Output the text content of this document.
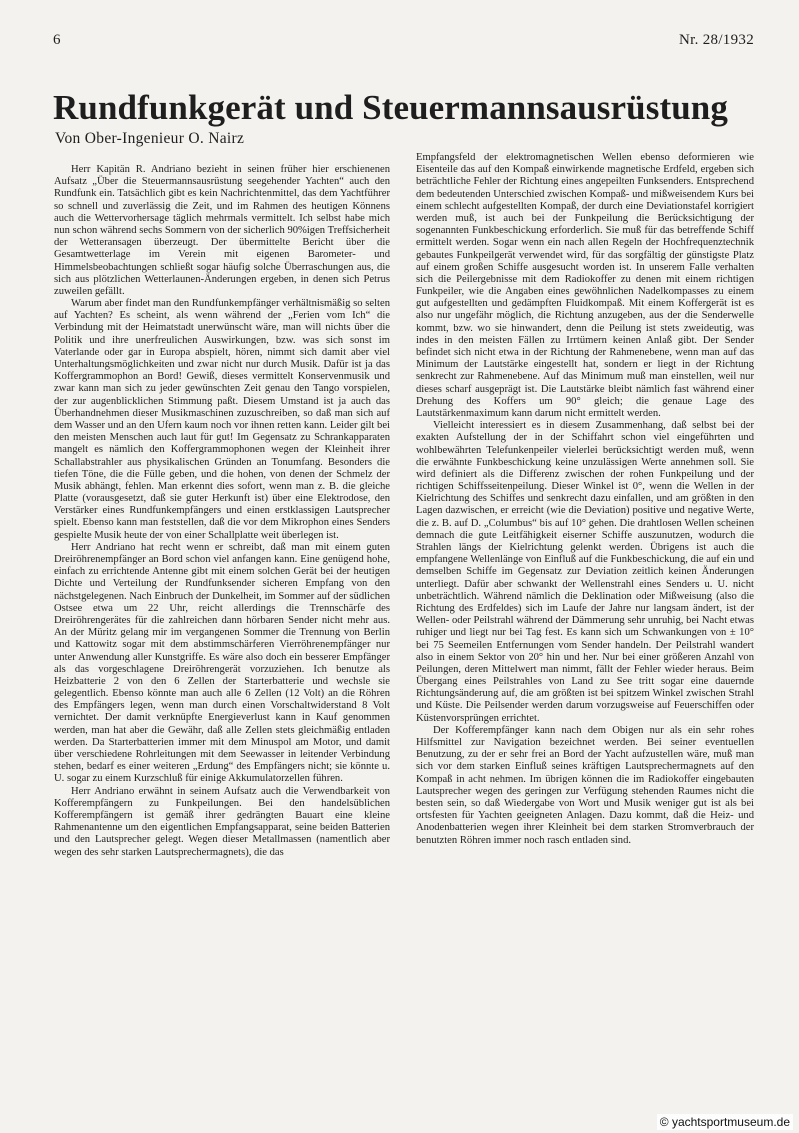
6	Nr. 28/1932
Rundfunkgerät und Steuermannsausrüstung
Von Ober-Ingenieur O. Nairz

Herr Kapitän R. Andriano bezieht in seinen früher hier erschienenen Aufsatz „Über die Steuermannsausrüstung seegehender Yachten“ auch den Rundfunk ein. Tatsächlich gibt es kein Nachrichtenmittel, das dem Yachtführer so schnell und zuverlässig die Zeit, und im Rahmen des heutigen Könnens auch die Wettervorhersage täglich mehrmals vermittelt. Ich selbst habe mich nun schon während sechs Sommern von der sicherlich 90%igen Treffsicherheit der Wetteransagen überzeugt. Der übermittelte Bericht über die Gesamtwetterlage im Verein mit eigenen Barometer- und Himmelsbeobachtungen schließt sogar häufig solche Überraschungen aus, die sich aus plötzlichen Wetterlaunen-Änderungen ergeben, in denen sich Petrus zuweilen gefällt.

Warum aber findet man den Rundfunkempfänger verhältnismäßig so selten auf Yachten? Es scheint, als wenn während der „Ferien vom Ich“ die Verbindung mit der Heimatstadt unerwünscht wäre, man will nichts über die Politik und ihre unerfreulichen Auswirkungen, bzw. was sich sonst im Vaterlande oder gar in Europa abspielt, hören, nimmt sich damit aber viel Unterhaltungsmöglichkeiten und zwar nicht nur durch Musik. Dafür ist ja das Koffergrammophon an Bord! Gewiß, dieses vermittelt Konservenmusik und zwar kann man sich zu jeder gewünschten Zeit genau den Tango vorspielen, der zur augenblicklichen Stimmung paßt. Diesem Umstand ist ja auch das Überhandnehmen dieser Musikmaschinen zuzuschreiben, so daß man sich auf dem Wasser und an den Ufern kaum noch vor ihnen retten kann. Leider gilt bei den meisten Menschen auch laut für gut! Im Gegensatz zu Schrankapparaten mangelt es nämlich den Koffergrammophonen wegen der Kleinheit ihrer Schallabstrahler aus physikalischen Gründen an Tonumfang. Besonders die tiefen Töne, die die Fülle geben, und die hohen, von denen der Schmelz der Musik abhängt, fehlen. Man erkennt dies sofort, wenn man z. B. die gleiche Platte (vorausgesetzt, daß sie guter Herkunft ist) über eine Elektrodose, den Verstärker eines Rundfunkempfängers und einen erstklassigen Lautsprecher spielt. Ebenso kann man feststellen, daß die vor dem Mikrophon eines Senders gespielte Musik heute der von einer Schallplatte weit überlegen ist.

Herr Andriano hat recht wenn er schreibt, daß man mit einem guten Dreiröhrenempfänger an Bord schon viel anfangen kann. Eine genügend hohe, einfach zu errichtende Antenne gibt mit einem solchen Gerät bei der heutigen Dichte und Verteilung der Rundfunksender sicheren Empfang von den nächstgelegenen. Nach Einbruch der Dunkelheit, im Sommer auf der südlichen Ostsee etwa um 22 Uhr, reicht allerdings die Trennschärfe des Dreiröhrengerätes für die zahlreichen dann hörbaren Sender nicht mehr aus. An der Müritz gelang mir im vergangenen Sommer die Trennung von Berlin und Kattowitz sogar mit dem abstimmschärferen Vierröhrenempfänger nur unter Anwendung aller Kunstgriffe. Es wäre also doch ein besserer Empfänger als das vorgeschlagene Dreiröhrengerät vorzuziehen. Ich benutze als Heizbatterie 2 von den 6 Zellen der Starterbatterie und wechsle sie gelegentlich. Ebenso könnte man auch alle 6 Zellen (12 Volt) an die Röhren des Empfängers legen, wenn man durch einen Vorschaltwiderstand 8 Volt vernichtet. Der damit verknüpfte Energieverlust kann in Kauf genommen werden, man hat aber die Gewähr, daß alle Zellen stets gleichmäßig entladen werden. Da Starterbatterien immer mit dem Minuspol am Motor, und damit über verschiedene Rohrleitungen mit dem Seewasser in leitender Verbindung stehen, bedarf es einer weiteren „Erdung“ des Empfängers nicht; sie könnte u. U. sogar zu einem Kurzschluß für einige Akkumulatorzellen führen.

Herr Andriano erwähnt in seinem Aufsatz auch die Verwendbarkeit von Kofferempfängern zu Funkpeilungen. Bei den handelsüblichen Kofferempfängern ist gemäß ihrer gedrängten Bauart eine kleine Rahmenantenne um den eigentlichen Empfangsapparat, seine beiden Batterien und den Lautsprecher gelegt. Wegen dieser Metallmassen (namentlich aber wegen des sehr starken Lautsprechermagnets), die das

Empfangsfeld der elektromagnetischen Wellen ebenso deformieren wie Eisenteile das auf den Kompaß einwirkende magnetische Erdfeld, ergeben sich beträchtliche Fehler der Richtung eines angepeilten Funksenders. Entsprechend dem bedeutenden Unterschied zwischen Kompaß- und mißweisendem Kurs bei einem schlecht aufgestellten Kompaß, der durch eine Deviationstafel korrigiert werden muß, ist auch bei der Funkpeilung die Berücksichtigung der sogenannten Funkbeschickung erforderlich. Sie muß für das betreffende Schiff ermittelt werden. Sogar wenn ein nach allen Regeln der Hochfrequenztechnik gebautes Funkpeilgerät verwendet wird, für das sorgfältig der günstigste Platz auf einem großen Schiffe ausgesucht worden ist. In unserem Falle verhalten sich die Peilergebnisse mit dem Radiokoffer zu denen mit einem richtigen Funkpeiler, wie die Angaben eines gewöhnlichen Nadelkompasses zu einem gut aufgestellten und gedämpften Fluidkompaß. Mit einem Koffergerät ist es also nur ungefähr möglich, die Richtung anzugeben, aus der die Senderwelle kommt, bzw. wo sie hinwandert, denn die Peilung ist stets zweideutig, was indes in den meisten Fällen zu Irrtümern keinen Anlaß gibt. Der Sender befindet sich nicht etwa in der Richtung der Rahmenebene, wenn man auf das Minimum der Lautstärke eingestellt hat, sondern er liegt in der Richtung senkrecht zur Rahmenebene. Auf das Minimum muß man einstellen, weil nur dieses scharf ausgeprägt ist. Die Lautstärke bleibt nämlich fast während einer Drehung des Koffers um 90° gleich; die genaue Lage des Lautstärkenmaximum kann darum nicht ermittelt werden.

Vielleicht interessiert es in diesem Zusammenhang, daß selbst bei der exakten Aufstellung der in der Schiffahrt schon viel eingeführten und wohlbewährten Telefunkenpeiler vielerlei berücksichtigt werden muß, wenn die erwähnte Funkbeschickung keine unzulässigen Werte annehmen soll. Sie wird definiert als die Differenz zwischen der rohen Funkpeilung und der richtigen Schiffsseitenpeilung. Dieser Winkel ist 0°, wenn die Wellen in der Kielrichtung des Schiffes und senkrecht dazu einfallen, und am größten in den Lagen dazwischen, er erreicht (wie die Deviation) positive und negative Werte, die z. B. auf D. „Columbus“ bis auf 10° gehen. Die drahtlosen Wellen scheinen demnach die gute Leitfähigkeit eiserner Schiffe auszunutzen, wodurch die Strahlen längs der Kielrichtung gelenkt werden. Übrigens ist auch die empfangene Wellenlänge von Einfluß auf die Funkbeschickung, die auf ein und demselben Schiffe im Gegensatz zur Deviation zeitlich keinen Änderungen unterliegt. Dafür aber schwankt der Wellenstrahl eines Senders u. U. nicht unbeträchtlich. Während nämlich die Deklination oder Mißweisung (also die Richtung des Erdfeldes) sich im Laufe der Jahre nur langsam ändert, ist der Wellen- oder Peilstrahl während der Dämmerung sehr unruhig, bei Nacht etwas ruhiger und liegt nur bei Tag fest. Es kann sich um Schwankungen von ± 10° bei 75 Seemeilen Entfernungen vom Sender handeln. Der Peilstrahl wandert also in einem Sektor von 20° hin und her. Nur bei einer größeren Anzahl von Peilungen, deren Mittelwert man nimmt, fällt der Fehler wieder heraus. Beim Übergang eines Peilstrahles von Land zu See tritt sogar eine dauernde Richtungsänderung auf, die am größten ist bei spitzem Winkel zwischen Strahl und Küste. Die Peilsender werden darum vorzugsweise auf Feuerschiffen oder Küstenvorsprüngen errichtet.

Der Kofferempfänger kann nach dem Obigen nur als ein sehr rohes Hilfsmittel zur Navigation bezeichnet werden. Bei seiner eventuellen Benutzung, zu der er sehr frei an Bord der Yacht aufzustellen wäre, muß man sich vor dem starken Einfluß seines kräftigen Lautsprechermagnets auf den Kompaß in acht nehmen. Im übrigen können die im Radiokoffer eingebauten Lautsprecher wegen des geringen zur Verfügung stehenden Raumes nicht die besten sein, so daß Wiedergabe von Wort und Musik weniger gut ist als bei ortsfesten für Yachten geeigneten Anlagen. Dazu kommt, daß die Heiz- und Anodenbatterien wegen ihrer Kleinheit bei dem starken Stromverbrauch der benutzten Röhren immer noch rasch entladen sind.

© yachtsportmuseum.de
